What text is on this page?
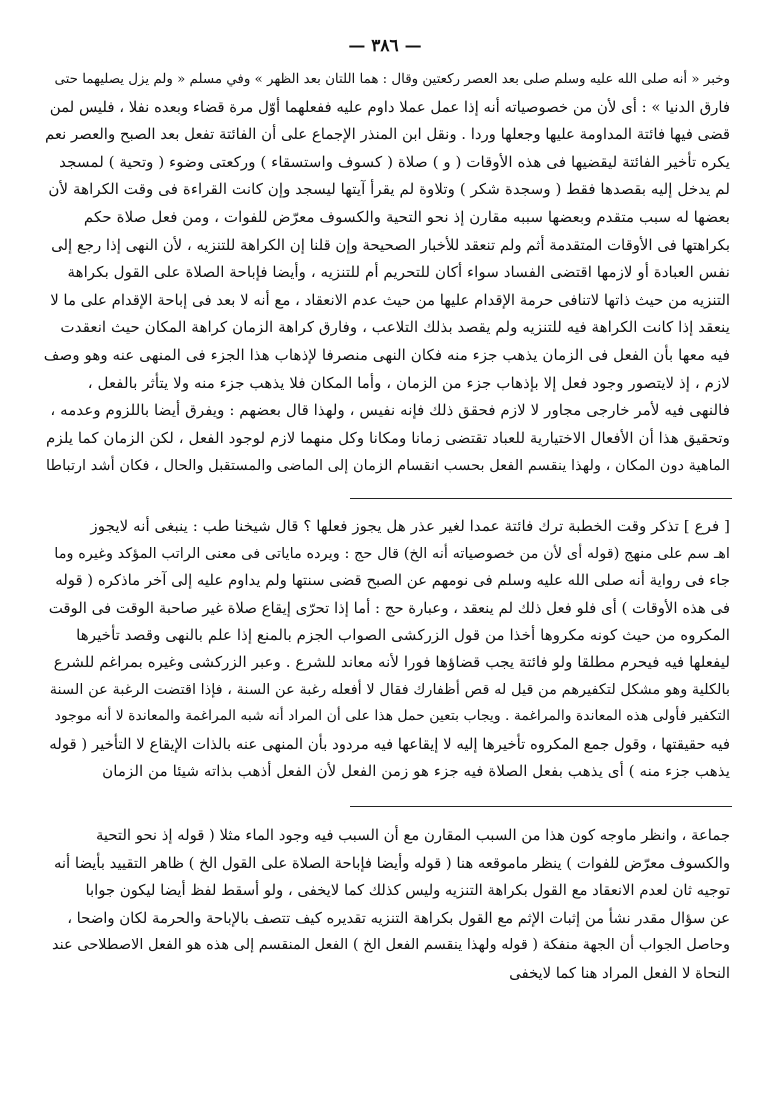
— ٣٨٦ —

وخبر « أنه صلى الله عليه وسلم صلى بعد العصر ركعتين وقال : هما اللتان بعد الظهر » وفي مسلم « ولم يزل يصليهما حتى

فارق الدنيا » : أى لأن من خصوصياته أنه إذا عمل عملا داوم عليه ففعلهما أوّل مرة قضاء وبعده نفلا ، فليس لمن

قضى فيها فائتة المداومة عليها وجعلها وردا . ونقل ابن المنذر الإجماع على أن الفائتة تفعل بعد الصبح والعصر نعم

يكره تأخير الفائتة ليقضيها فى هذه الأوقات ( و ) صلاة ( كسوف واستسقاء ) وركعتى وضوء ( وتحية ) لمسجد

لم يدخل إليه بقصدها فقط ( وسجدة شكر ) وتلاوة لم يقرأ آيتها ليسجد وإن كانت القراءة فى وقت الكراهة لأن

بعضها له سبب متقدم وبعضها سببه مقارن إذ نحو التحية والكسوف معرّض للفوات ، ومن فعل صلاة حكم

بكراهتها فى الأوقات المتقدمة أثم ولم تنعقد للأخبار الصحيحة وإن قلنا إن الكراهة للتنزيه ، لأن النهى إذا رجع إلى

نفس العبادة أو لازمها اقتضى الفساد سواء أكان للتحريم أم للتنزيه ، وأيضا فإباحة الصلاة على القول بكراهة

التنزيه من حيث ذاتها لاتنافى حرمة الإقدام عليها من حيث عدم الانعقاد ، مع أنه لا بعد فى إباحة الإقدام على ما لا

ينعقد إذا كانت الكراهة فيه للتنزيه ولم يقصد بذلك التلاعب ، وفارق كراهة الزمان كراهة المكان حيث انعقدت

فيه معها بأن الفعل فى الزمان يذهب جزء منه فكان النهى منصرفا لإذهاب هذا الجزء فى المنهى عنه وهو وصف

لازم ، إذ لايتصور وجود فعل إلا بإذهاب جزء من الزمان ، وأما المكان فلا يذهب جزء منه ولا يتأثر بالفعل ،

فالنهى فيه لأمر خارجى مجاور لا لازم فحقق ذلك فإنه نفيس ، ولهذا قال بعضهم : ويفرق أيضا باللزوم وعدمه ،

وتحقيق هذا أن الأفعال الاختيارية للعباد تقتضى زمانا ومكانا وكل منهما لازم لوجود الفعل ، لكن الزمان كما يلزم

الماهية دون المكان ، ولهذا ينقسم الفعل بحسب انقسام الزمان إلى الماضى والمستقبل والحال ، فكان أشد ارتباطا

[ فرع ] تذكر وقت الخطبة ترك فائتة عمدا لغير عذر هل يجوز فعلها ؟ قال شيخنا طب : ينبغى أنه لايجوز

اهـ سم على منهج (قوله أى لأن من خصوصياته أنه الخ) قال حج : ويرده ماياتى فى معنى الراتب المؤكد وغيره وما

جاء فى رواية أنه صلى الله عليه وسلم فى نومهم عن الصبح قضى سنتها ولم يداوم عليه إلى آخر ماذكره ( قوله

فى هذه الأوقات ) أى فلو فعل ذلك لم ينعقد ، وعبارة حج : أما إذا تحرّى إيقاع صلاة غير صاحبة الوقت فى الوقت

المكروه من حيث كونه مكروها أخذا من قول الزركشى الصواب الجزم بالمنع إذا علم بالنهى وقصد تأخيرها

ليفعلها فيه فيحرم مطلقا ولو فائتة يجب قضاؤها فورا لأنه معاند للشرع . وعبر الزركشى وغيره بمراغم للشرع

بالكلية وهو مشكل لتكفيرهم من قيل له قص أظفارك فقال لا أفعله رغبة عن السنة ، فإذا اقتضت الرغبة عن السنة

التكفير فأولى هذه المعاندة والمراغمة . ويجاب بتعين حمل هذا على أن المراد أنه شبه المراغمة والمعاندة لا أنه موجود

فيه حقيقتها ، وقول جمع المكروه تأخيرها إليه لا إيقاعها فيه مردود بأن المنهى عنه بالذات الإيقاع لا التأخير ( قوله

يذهب جزء منه ) أى يذهب بفعل الصلاة فيه جزء هو زمن الفعل لأن الفعل أذهب بذاته شيئا من الزمان

جماعة ، وانظر ماوجه كون هذا من السبب المقارن مع أن السبب فيه وجود الماء مثلا ( قوله إذ نحو التحية

والكسوف معرّض للفوات ) ينظر ماموقعه هنا ( قوله وأيضا فإباحة الصلاة على القول الخ ) ظاهر التقييد بأيضا أنه

توجيه ثان لعدم الانعقاد مع القول بكراهة التنزيه وليس كذلك كما لايخفى ، ولو أسقط لفظ أيضا ليكون جوابا

عن سؤال مقدر نشأ من إثبات الإثم مع القول بكراهة التنزيه تقديره كيف تتصف بالإباحة والحرمة لكان واضحا ،

وحاصل الجواب أن الجهة منفكة ( قوله ولهذا ينقسم الفعل الخ ) الفعل المنقسم إلى هذه هو الفعل الاصطلاحى عند

النحاة لا الفعل المراد هنا كما لايخفى
